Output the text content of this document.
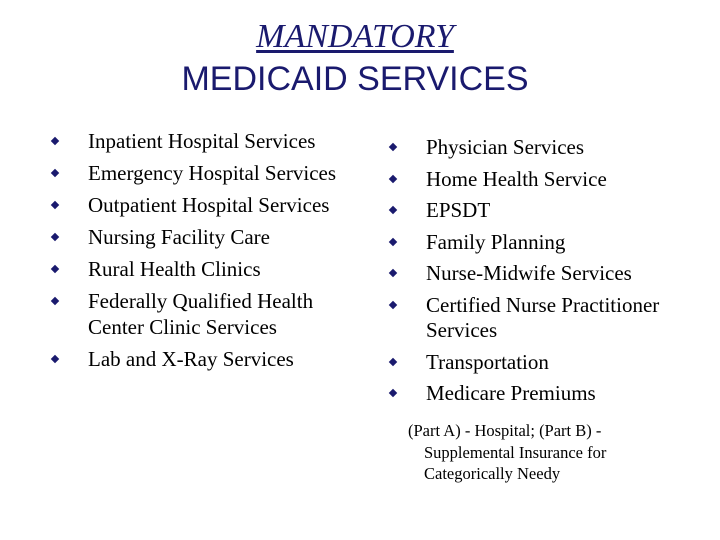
MANDATORY
MEDICAID SERVICES
Inpatient Hospital Services
Emergency Hospital Services
Outpatient Hospital Services
Nursing Facility Care
Rural Health Clinics
Federally Qualified Health Center Clinic Services
Lab and X-Ray Services
Physician Services
Home Health Service
EPSDT
Family Planning
Nurse-Midwife Services
Certified Nurse Practitioner Services
Transportation
Medicare Premiums
(Part A) - Hospital; (Part B) -
Supplemental Insurance for
Categorically Needy
